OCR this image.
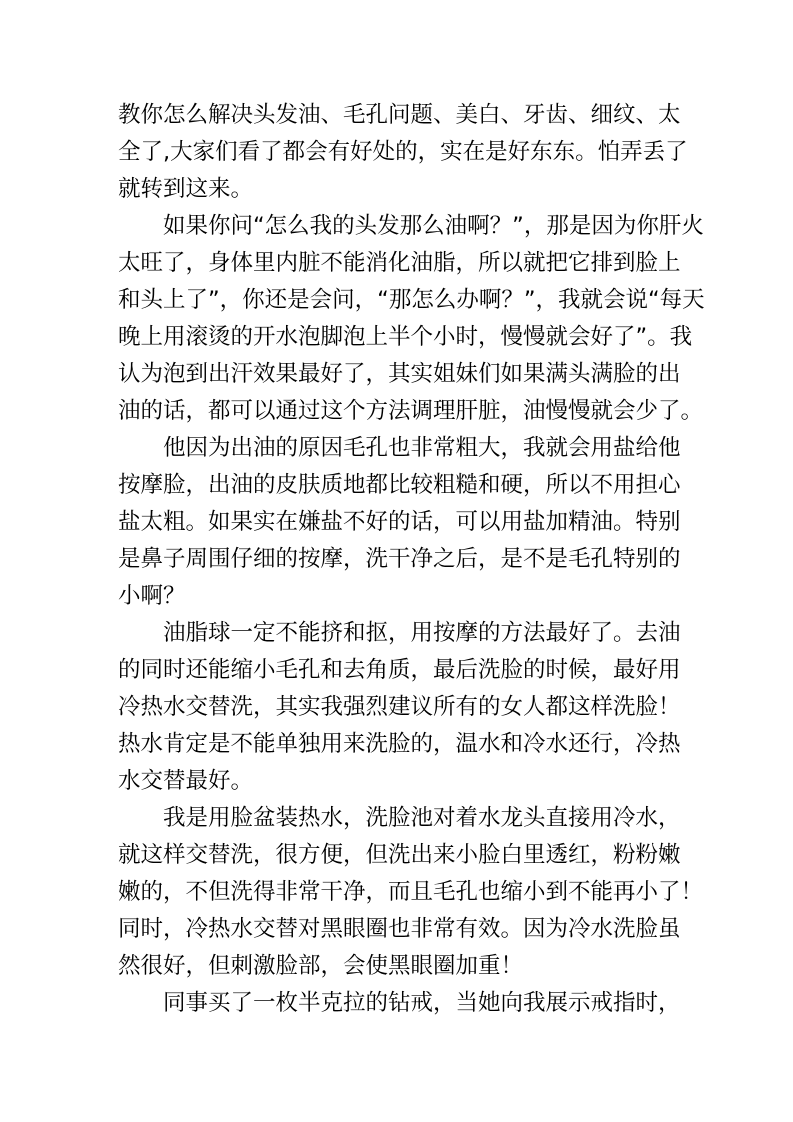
教你怎么解决头发油、毛孔问题、美白、牙齿、细纹、太
全了,大家们看了都会有好处的，实在是好东东。怕弄丢了
就转到这来。
　　如果你问“怎么我的头发那么油啊？”，那是因为你肝火
太旺了，身体里内脏不能消化油脂，所以就把它排到脸上
和头上了”，你还是会问，“那怎么办啊？”，我就会说“每天
晚上用滚烫的开水泡脚泡上半个小时，慢慢就会好了”。我
认为泡到出汗效果最好了，其实姐妹们如果满头满脸的出
油的话，都可以通过这个方法调理肝脏，油慢慢就会少了。
　　他因为出油的原因毛孔也非常粗大，我就会用盐给他
按摩脸，出油的皮肤质地都比较粗糙和硬，所以不用担心
盐太粗。如果实在嫌盐不好的话，可以用盐加精油。特别
是鼻子周围仔细的按摩，洗干净之后，是不是毛孔特别的
小啊？
　　油脂球一定不能挤和抠，用按摩的方法最好了。去油
的同时还能缩小毛孔和去角质，最后洗脸的时候，最好用
冷热水交替洗，其实我强烈建议所有的女人都这样洗脸！
热水肯定是不能单独用来洗脸的，温水和冷水还行，冷热
水交替最好。
　　我是用脸盆装热水，洗脸池对着水龙头直接用冷水，
就这样交替洗，很方便，但洗出来小脸白里透红，粉粉嫩
嫩的，不但洗得非常干净，而且毛孔也缩小到不能再小了！
同时，冷热水交替对黑眼圈也非常有效。因为冷水洗脸虽
然很好，但刺激脸部，会使黑眼圈加重！
　　同事买了一枚半克拉的钻戒，当她向我展示戒指时，
